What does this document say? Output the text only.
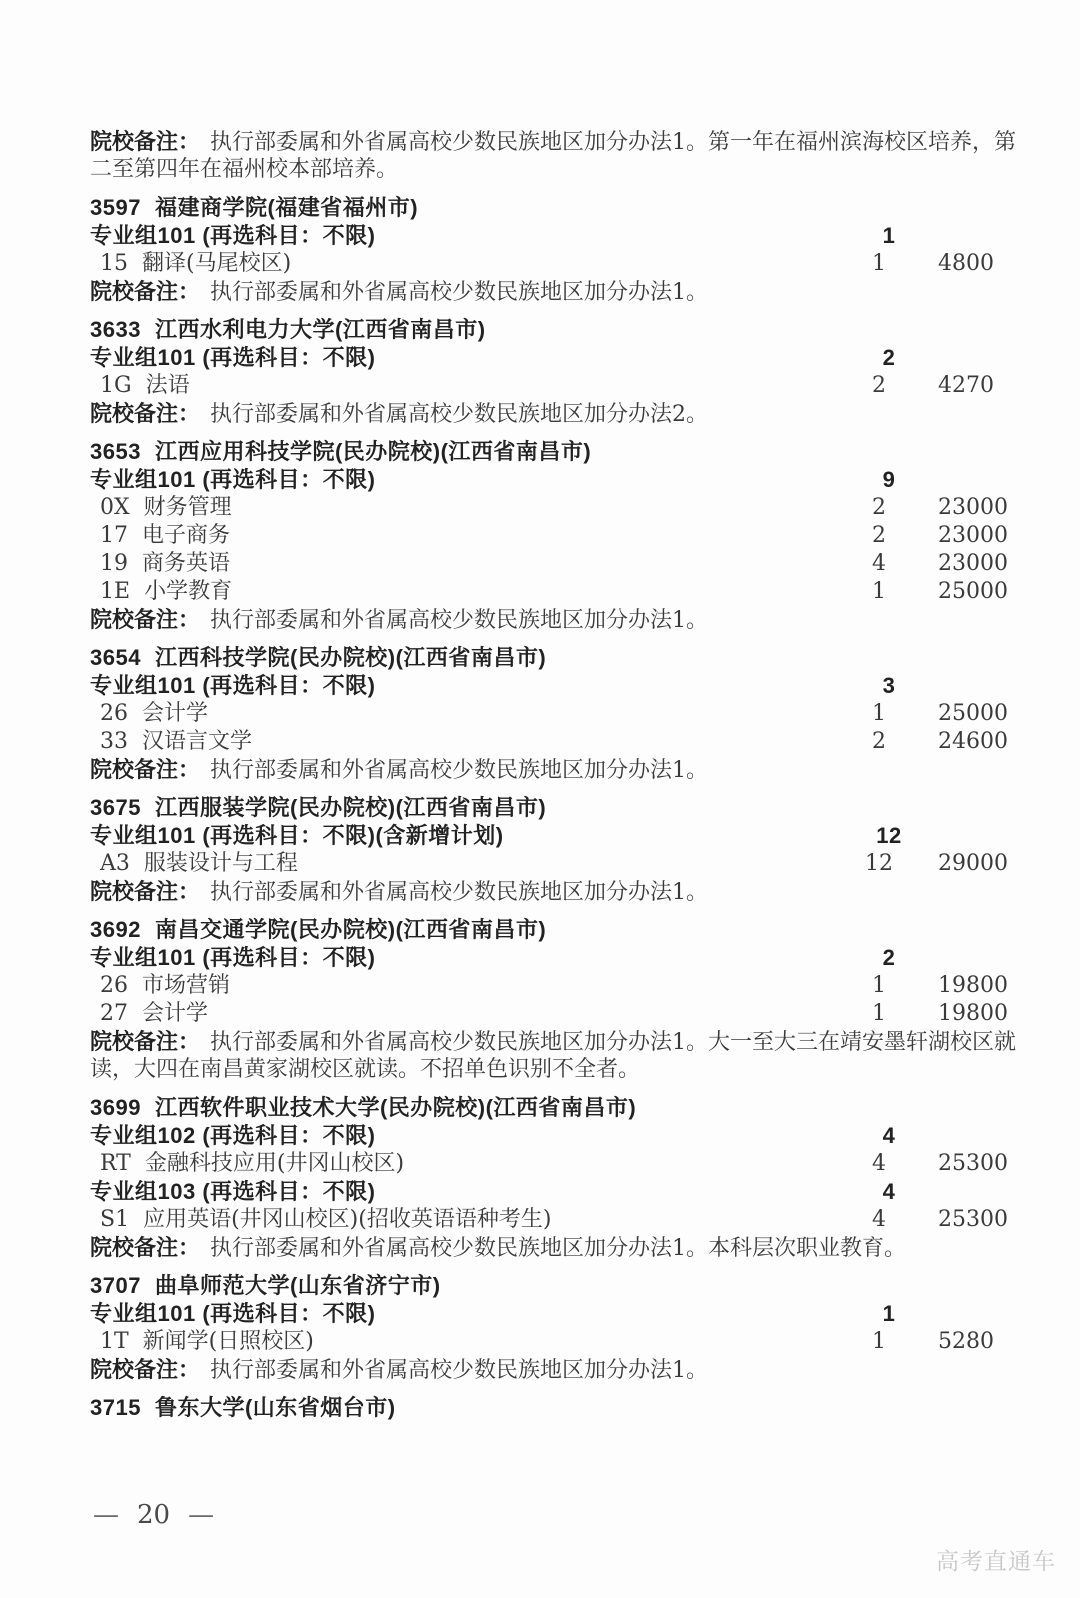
院校备注： 执行部委属和外省属高校少数民族地区加分办法1。第一年在福州滨海校区培养，第
二至第四年在福州校本部培养。
3597 福建商学院(福建省福州市)
专业组101 (再选科目：不限)	1
15 翻译(马尾校区)	1	4800
院校备注： 执行部委属和外省属高校少数民族地区加分办法1。
3633 江西水利电力大学(江西省南昌市)
专业组101 (再选科目：不限)	2
1G 法语	2	4270
院校备注： 执行部委属和外省属高校少数民族地区加分办法2。
3653 江西应用科技学院(民办院校)(江西省南昌市)
专业组101 (再选科目：不限)	9
0X 财务管理	2	23000
17 电子商务	2	23000
19 商务英语	4	23000
1E 小学教育	1	25000
院校备注： 执行部委属和外省属高校少数民族地区加分办法1。
3654 江西科技学院(民办院校)(江西省南昌市)
专业组101 (再选科目：不限)	3
26 会计学	1	25000
33 汉语言文学	2	24600
院校备注： 执行部委属和外省属高校少数民族地区加分办法1。
3675 江西服装学院(民办院校)(江西省南昌市)
专业组101 (再选科目：不限)(含新增计划)	12
A3 服装设计与工程	12	29000
院校备注： 执行部委属和外省属高校少数民族地区加分办法1。
3692 南昌交通学院(民办院校)(江西省南昌市)
专业组101 (再选科目：不限)	2
26 市场营销	1	19800
27 会计学	1	19800
院校备注： 执行部委属和外省属高校少数民族地区加分办法1。大一至大三在靖安墨轩湖校区就
读，大四在南昌黄家湖校区就读。不招单色识别不全者。
3699 江西软件职业技术大学(民办院校)(江西省南昌市)
专业组102 (再选科目：不限)	4
RT 金融科技应用(井冈山校区)	4	25300
专业组103 (再选科目：不限)	4
S1 应用英语(井冈山校区)(招收英语语种考生)	4	25300
院校备注： 执行部委属和外省属高校少数民族地区加分办法1。本科层次职业教育。
3707 曲阜师范大学(山东省济宁市)
专业组101 (再选科目：不限)	1
1T 新闻学(日照校区)	1	5280
院校备注： 执行部委属和外省属高校少数民族地区加分办法1。
3715 鲁东大学(山东省烟台市)
— 20 —
高考直通车
